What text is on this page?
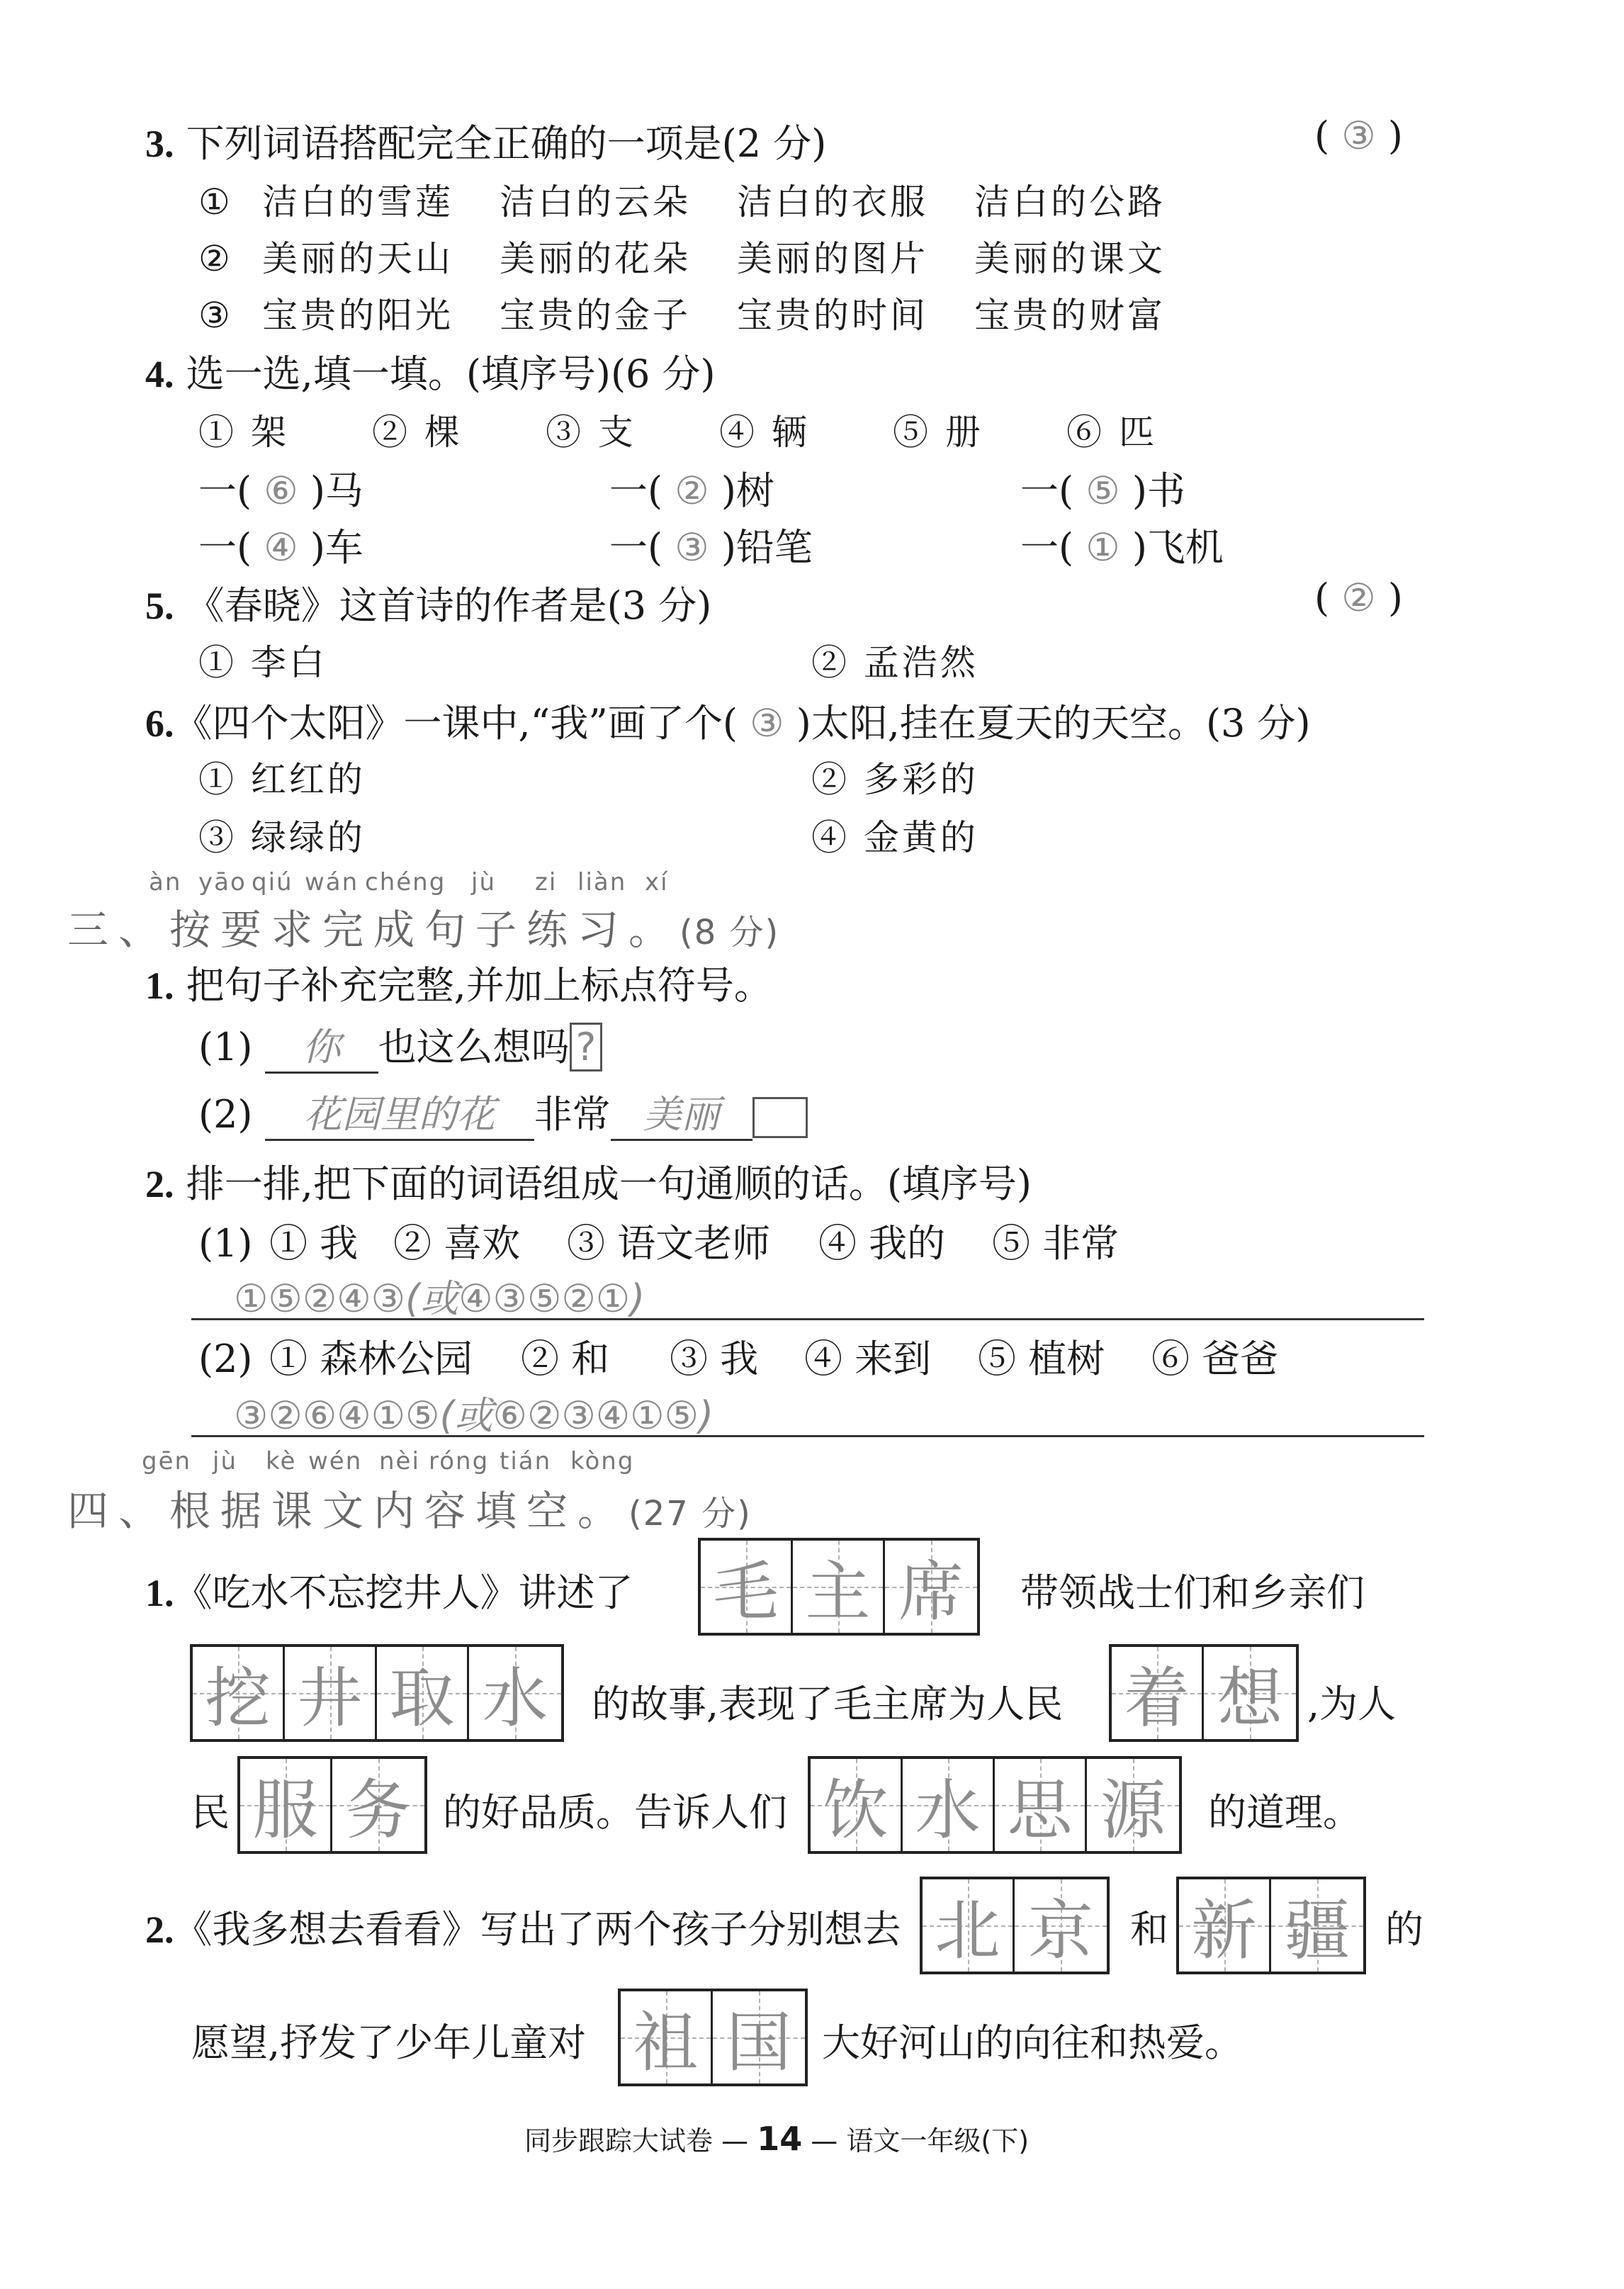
3. 下列词语搭配完全正确的一项是(2 分)	( ③ )
① 洁白的雪莲 洁白的云朵 洁白的衣服 洁白的公路
② 美丽的天山 美丽的花朵 美丽的图片 美丽的课文
③ 宝贵的阳光 宝贵的金子 宝贵的时间 宝贵的财富
4. 选一选,填一填。(填序号)(6 分)
① 架 ② 棵 ③ 支 ④ 辆 ⑤ 册 ⑥ 匹
一( ⑥ )马	一( ② )树	一( ⑤ )书
一( ④ )车	一( ③ )铅笔	一( ① )飞机
5. 《春晓》这首诗的作者是(3 分)	( ② )
① 李白	② 孟浩然
6.《四个太阳》一课中,“我”画了个( ③ )太阳,挂在夏天的天空。(3 分)
① 红红的	② 多彩的
③ 绿绿的	④ 金黄的
àn yāo qiú wán chéng jù zi liàn xí
三、按要求完成句子练习。(8 分)
1. 把句子补充完整,并加上标点符号。
(1) 你 也这么想吗 ?
(2) 花园里的花 非常 美丽
2. 排一排,把下面的词语组成一句通顺的话。(填序号)
(1) ① 我 ② 喜欢 ③ 语文老师 ④ 我的 ⑤ 非常
①⑤②④③(或④③⑤②①)
(2) ① 森林公园 ② 和 ③ 我 ④ 来到 ⑤ 植树 ⑥ 爸爸
③②⑥④①⑤(或⑥②③④①⑤)
gēn jù kè wén nèi róng tián kòng
四、根据课文内容填空。(27 分)
1.《吃水不忘挖井人》讲述了 毛 主 席 带领战士们和乡亲们
挖 井 取 水 的故事,表现了毛主席为人民 着 想 ,为人
民 服 务 的好品质。告诉人们 饮 水 思 源 的道理。
2.《我多想去看看》写出了两个孩子分别想去 北 京 和 新 疆 的
愿望,抒发了少年儿童对 祖 国 大好河山的向往和热爱。
同步跟踪大试卷 — 14 — 语文一年级(下)
